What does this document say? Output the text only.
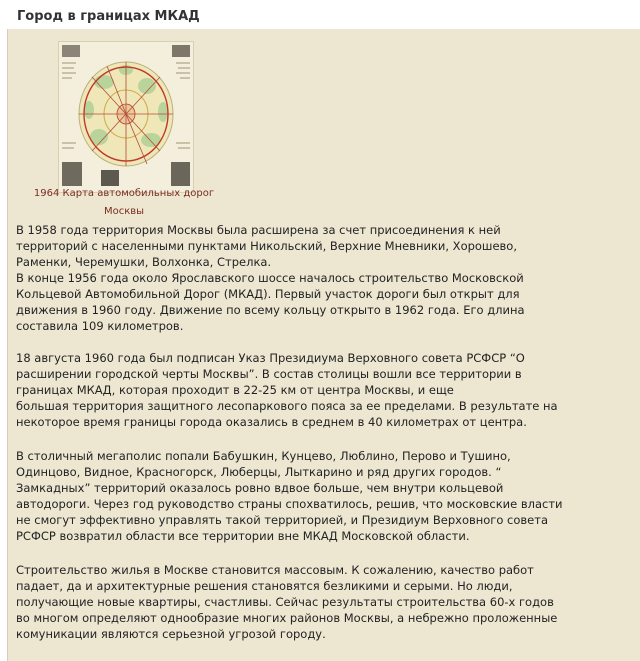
Город в границах МКАД
1964 Карта автомобильных дорог
Москвы

В 1958 года территория Москвы была расширена за счет присоединения к ней

территорий с населенными пунктами Никольский, Верхние Мневники, Хорошево,

Раменки, Черемушки, Волхонка, Стрелка.

В конце 1956 года около Ярославского шоссе началось строительство Московской

Кольцевой Автомобильной Дорог (МКАД). Первый участок дороги был открыт для

движения в 1960 году. Движение по всему кольцу открыто в 1962 года. Его длина

составила 109 километров.

18 августа 1960 года был подписан Указ Президиума Верховного совета РСФСР “О

расширении городской черты Москвы”. В состав столицы вошли все территории в

границах МКАД, которая проходит в 22-25 км от центра Москвы, и еще

большая территория защитного лесопаркового пояса за ее пределами. В результате на

некоторое время границы города оказались в среднем в 40 километрах от центра.

В столичный мегаполис попали Бабушкин, Кунцево, Люблино, Перово и Тушино,

Одинцово, Видное, Красногорск, Люберцы, Лыткарино и ряд других городов. “

Замкадных” территорий оказалось ровно вдвое больше, чем внутри кольцевой

автодороги. Через год руководство страны спохватилось, решив, что московские власти

не смогут эффективно управлять такой территорией, и Президиум Верховного совета

РСФСР возвратил области все территории вне МКАД Московской области.

Строительство жилья в Москве становится массовым. К сожалению, качество работ

падает, да и архитектурные решения становятся безликими и серыми. Но люди,

получающие новые квартиры, счастливы. Сейчас результаты строительства 60-х годов

во многом определяют однообразие многих районов Москвы, а небрежно проложенные

комуникации являются серьезной угрозой городу.
